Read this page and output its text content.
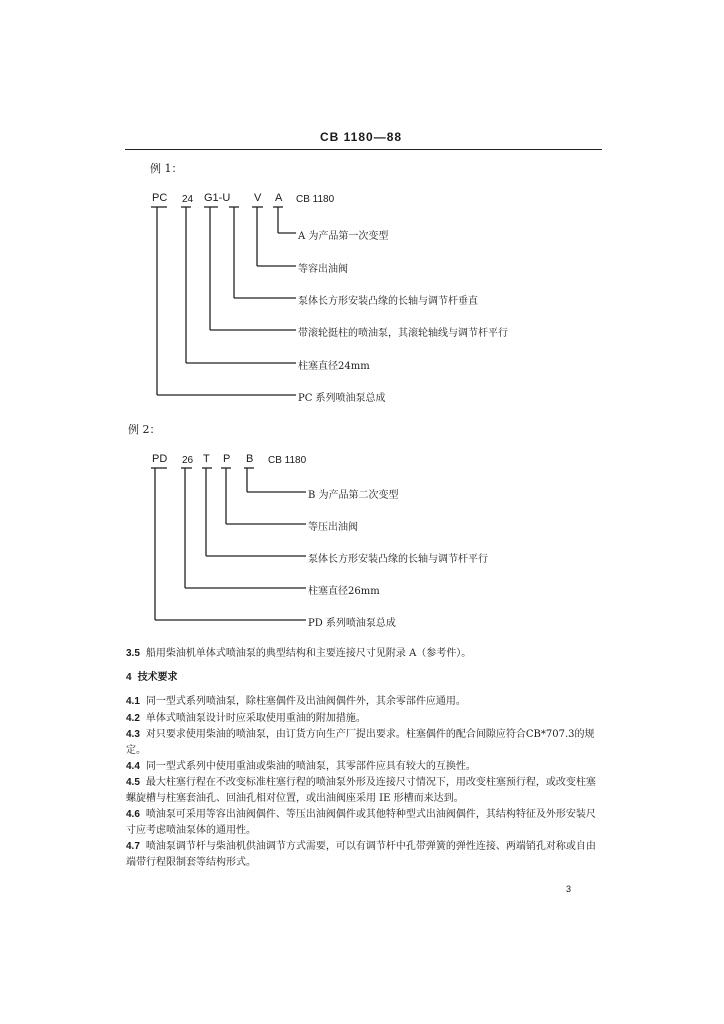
CB 1180—88
例 1：
PC 24 G1-U V A CB 1180
A 为产品第一次变型
等容出油阀
泵体长方形安装凸缘的长轴与调节杆垂直
带滚轮挺柱的喷油泵，其滚轮轴线与调节杆平行
柱塞直径24mm
PC 系列喷油泵总成
例 2：
PD 26 T P B CB 1180
B 为产品第二次变型
等压出油阀
泵体长方形安装凸缘的长轴与调节杆平行
柱塞直径26mm
PD 系列喷油泵总成
3.5 船用柴油机单体式喷油泵的典型结构和主要连接尺寸见附录 A（参考件）。
4 技术要求
4.1 同一型式系列喷油泵，除柱塞偶件及出油阀偶件外，其余零部件应通用。
4.2 单体式喷油泵设计时应采取使用重油的附加措施。
4.3 对只要求使用柴油的喷油泵，由订货方向生产厂提出要求。柱塞偶件的配合间隙应符合CB*707.3的规定。
4.4 同一型式系列中使用重油或柴油的喷油泵，其零部件应具有较大的互换性。
4.5 最大柱塞行程在不改变标准柱塞行程的喷油泵外形及连接尺寸情况下，用改变柱塞预行程，或改变柱塞螺旋槽与柱塞套油孔、回油孔相对位置，或出油阀座采用 IE 形槽而来达到。
4.6 喷油泵可采用等容出油阀偶件、等压出油阀偶件或其他特种型式出油阀偶件，其结构特征及外形安装尺寸应考虑喷油泵体的通用性。
4.7 喷油泵调节杆与柴油机供油调节方式需要，可以有调节杆中孔带弹簧的弹性连接、两端销孔对称或自由端带行程限制套等结构形式。
3
